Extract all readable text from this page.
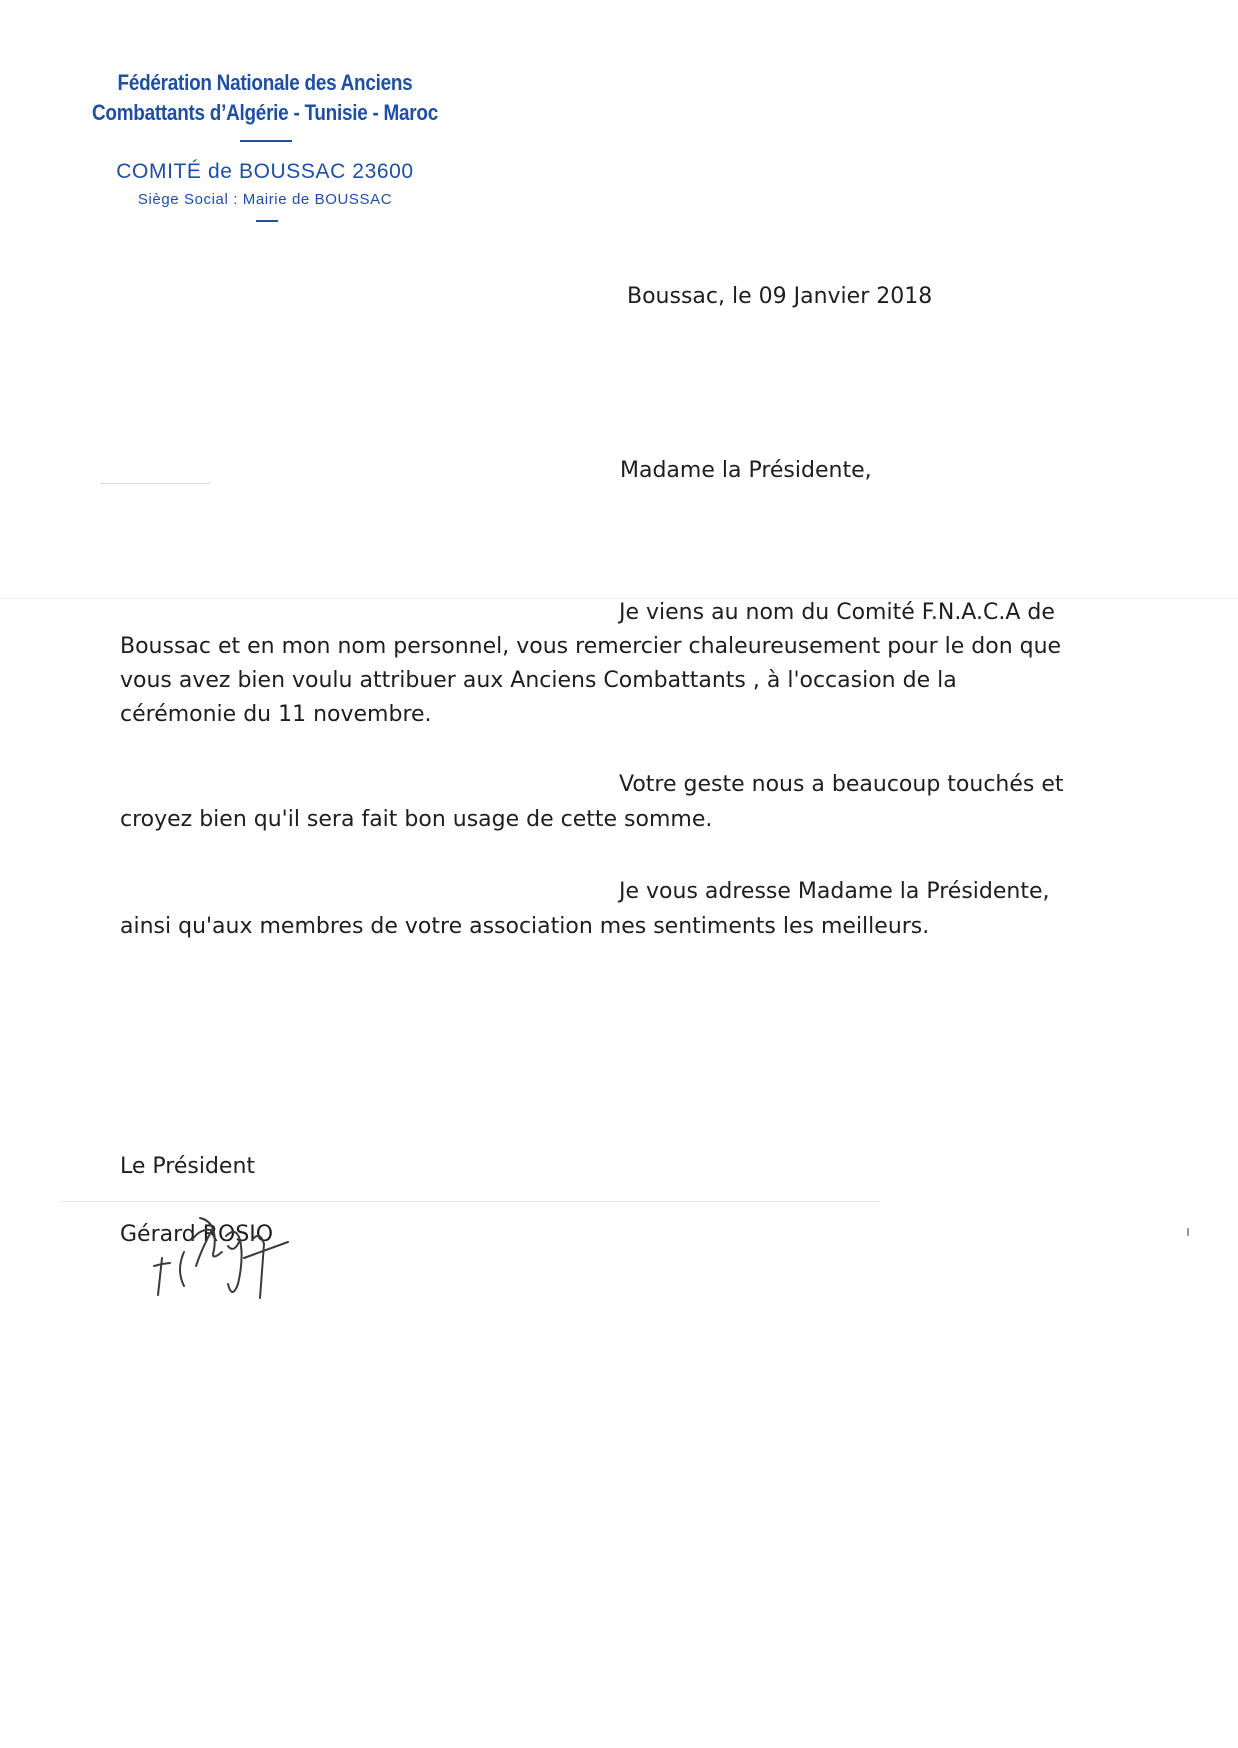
Fédération Nationale des Anciens
Combattants d’Algérie - Tunisie - Maroc
COMITÉ de BOUSSAC 23600
Siège Social : Mairie de BOUSSAC
Boussac, le 09 Janvier 2018
Madame la Présidente,
Je viens au nom du Comité F.N.A.C.A de
Boussac et en mon nom personnel, vous remercier chaleureusement pour le don que
vous avez bien voulu attribuer aux Anciens Combattants , à l'occasion de la
cérémonie du 11 novembre.
Votre geste nous a beaucoup touchés et
croyez bien qu'il sera fait bon usage de cette somme.
Je vous adresse Madame la Présidente,
ainsi qu'aux membres de votre association mes sentiments les meilleurs.
Le Président
Gérard ROSIO
